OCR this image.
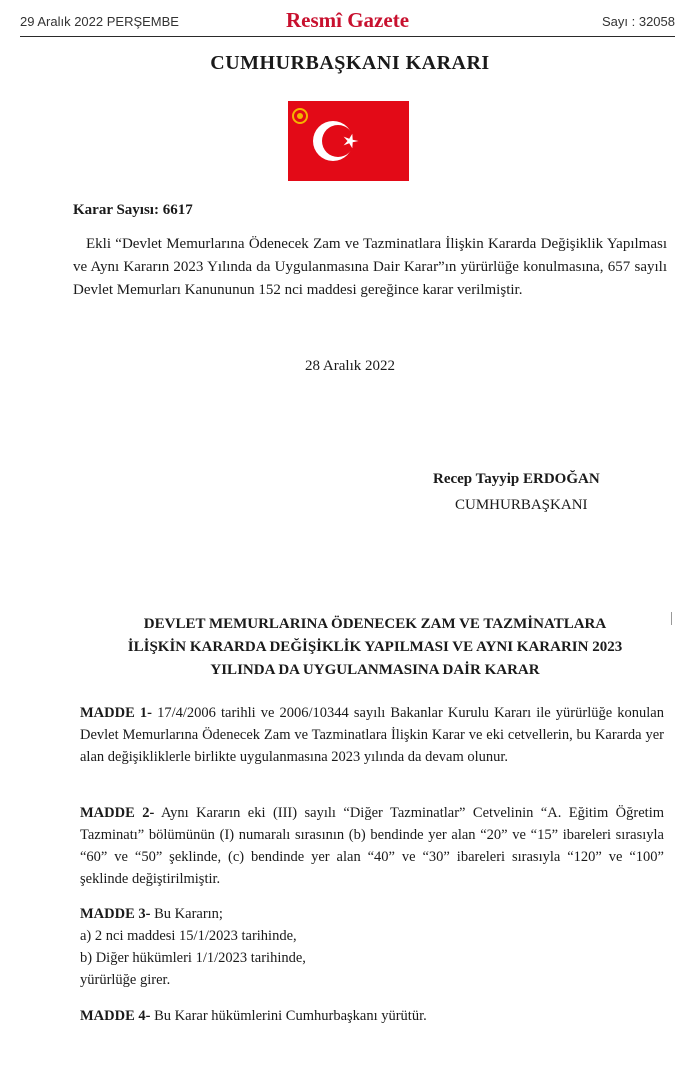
29 Aralık 2022 PERŞEMBE	Resmî Gazete	Sayı : 32058
CUMHURBAŞKANI KARARI
Karar Sayısı: 6617

Ekli “Devlet Memurlarına Ödenecek Zam ve Tazminatlara İlişkin Kararda Değişiklik Yapılması ve Aynı Kararın 2023 Yılında da Uygulanmasına Dair Karar”ın yürürlüğe konulmasına, 657 sayılı Devlet Memurları Kanununun 152 nci maddesi gereğince karar verilmiştir.

28 Aralık 2022
Recep Tayyip ERDOĞAN
CUMHURBAŞKANI
DEVLET MEMURLARINA ÖDENECEK ZAM VE TAZMİNATLARA
İLİŞKİN KARARDA DEĞİŞİKLİK YAPILMASI VE AYNI KARARIN 2023
YILINDA DA UYGULANMASINA DAİR KARAR

MADDE 1- 17/4/2006 tarihli ve 2006/10344 sayılı Bakanlar Kurulu Kararı ile yürürlüğe konulan Devlet Memurlarına Ödenecek Zam ve Tazminatlara İlişkin Karar ve eki cetvellerin, bu Kararda yer alan değişikliklerle birlikte uygulanmasına 2023 yılında da devam olunur.

MADDE 2- Aynı Kararın eki (III) sayılı “Diğer Tazminatlar” Cetvelinin “A. Eğitim Öğretim Tazminatı” bölümünün (I) numaralı sırasının (b) bendinde yer alan “20” ve “15” ibareleri sırasıyla “60” ve “50” şeklinde, (c) bendinde yer alan “40” ve “30” ibareleri sırasıyla “120” ve “100” şeklinde değiştirilmiştir.

MADDE 3- Bu Kararın;
a) 2 nci maddesi 15/1/2023 tarihinde,
b) Diğer hükümleri 1/1/2023 tarihinde,
yürürlüğe girer.

MADDE 4- Bu Karar hükümlerini Cumhurbaşkanı yürütür.
